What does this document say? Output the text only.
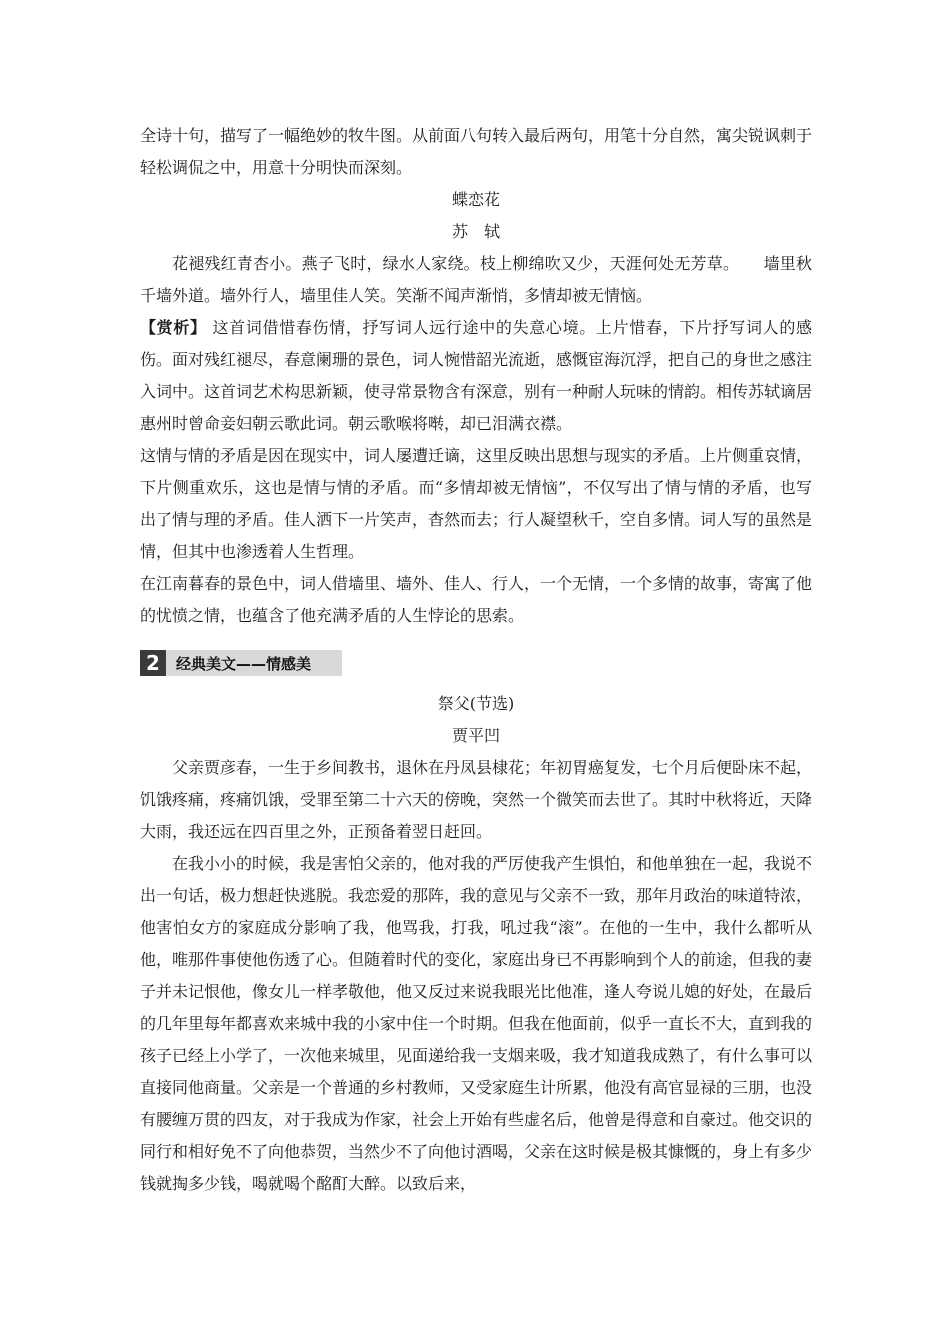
全诗十句，描写了一幅绝妙的牧牛图。从前面八句转入最后两句，用笔十分自然，寓尖锐讽刺于轻松调侃之中，用意十分明快而深刻。

蝶恋花

苏　轼

花褪残红青杏小。燕子飞时，绿水人家绕。枝上柳绵吹又少，天涯何处无芳草。　　墙里秋千墙外道。墙外行人，墙里佳人笑。笑渐不闻声渐悄，多情却被无情恼。

【赏析】 这首词借惜春伤情，抒写词人远行途中的失意心境。上片惜春，下片抒写词人的感伤。面对残红褪尽，春意阑珊的景色，词人惋惜韶光流逝，感慨宦海沉浮，把自己的身世之感注入词中。这首词艺术构思新颖，使寻常景物含有深意，别有一种耐人玩味的情韵。相传苏轼谪居惠州时曾命妾妇朝云歌此词。朝云歌喉将啭，却已泪满衣襟。

这情与情的矛盾是因在现实中，词人屡遭迁谪，这里反映出思想与现实的矛盾。上片侧重哀情，下片侧重欢乐，这也是情与情的矛盾。而“多情却被无情恼”，不仅写出了情与情的矛盾，也写出了情与理的矛盾。佳人洒下一片笑声，杳然而去；行人凝望秋千，空自多情。词人写的虽然是情，但其中也渗透着人生哲理。

在江南暮春的景色中，词人借墙里、墙外、佳人、行人，一个无情，一个多情的故事，寄寓了他的忧愤之情，也蕴含了他充满矛盾的人生悖论的思索。

2	经典美文——情感美

祭父(节选)

贾平凹

父亲贾彦春，一生于乡间教书，退休在丹凤县棣花；年初胃癌复发，七个月后便卧床不起，饥饿疼痛，疼痛饥饿，受罪至第二十六天的傍晚，突然一个微笑而去世了。其时中秋将近，天降大雨，我还远在四百里之外，正预备着翌日赶回。

在我小小的时候，我是害怕父亲的，他对我的严厉使我产生惧怕，和他单独在一起，我说不出一句话，极力想赶快逃脱。我恋爱的那阵，我的意见与父亲不一致，那年月政治的味道特浓，他害怕女方的家庭成分影响了我，他骂我，打我，吼过我“滚”。在他的一生中，我什么都听从他，唯那件事使他伤透了心。但随着时代的变化，家庭出身已不再影响到个人的前途，但我的妻子并未记恨他，像女儿一样孝敬他，他又反过来说我眼光比他准，逢人夸说儿媳的好处，在最后的几年里每年都喜欢来城中我的小家中住一个时期。但我在他面前，似乎一直长不大，直到我的孩子已经上小学了，一次他来城里，见面递给我一支烟来吸，我才知道我成熟了，有什么事可以直接同他商量。父亲是一个普通的乡村教师，又受家庭生计所累，他没有高官显禄的三朋，也没有腰缠万贯的四友，对于我成为作家，社会上开始有些虚名后，他曾是得意和自豪过。他交识的同行和相好免不了向他恭贺，当然少不了向他讨酒喝，父亲在这时候是极其慷慨的，身上有多少钱就掏多少钱，喝就喝个酩酊大醉。以致后来，
